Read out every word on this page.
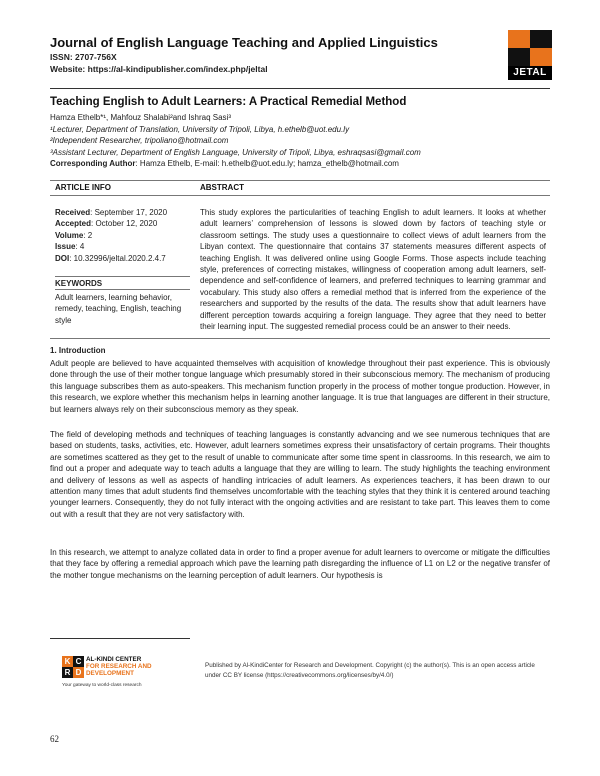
Journal of English Language Teaching and Applied Linguistics
ISSN: 2707-756X
Website: https://al-kindipublisher.com/index.php/jeltal	JETAL
Teaching English to Adult Learners: A Practical Remedial Method
Hamza Ethelb*¹, Mahfouz Shalabi²and Ishraq Sasi³
¹Lecturer, Department of Translation, University of Tripoli, Libya, h.ethelb@uot.edu.ly
²Independent Researcher, tripoliano@hotmail.com
³Assistant Lecturer, Department of English Language, University of Tripoli, Libya, eshraqsasi@gmail.com
Corresponding Author: Hamza Ethelb, E-mail: h.ethelb@uot.edu.ly; hamza_ethelb@hotmail.com
ARTICLE INFO	ABSTRACT
Received: September 17, 2020
Accepted: October 12, 2020
Volume: 2
Issue: 4
DOI: 10.32996/jeltal.2020.2.4.7
KEYWORDS
Adult learners, learning behavior, remedy, teaching, English, teaching style
This study explores the particularities of teaching English to adult learners. It looks at whether adult learners’ comprehension of lessons is slowed down by factors of teaching style or classroom settings. The study uses a questionnaire to collect views of adult learners from the Libyan context. The questionnaire that contains 37 statements measures different aspects of teaching English. It was delivered online using Google Forms. Those aspects include teaching style, preferences of correcting mistakes, willingness of cooperation among adult learners, self-dependence and self-confidence of learners, and preferred techniques to learning grammar and vocabulary. This study also offers a remedial method that is inferred from the experience of the researchers and supported by the results of the data. The results show that adult learners have different perception towards acquiring a foreign language. They agree that they need to better their learning input. The suggested remedial process could be an answer to their needs.
1. Introduction
Adult people are believed to have acquainted themselves with acquisition of knowledge throughout their past experience. This is obviously done through the use of their mother tongue language which presumably stored in their subconscious memory. The mechanism of producing this language subscribes them as auto-speakers. This mechanism function properly in the process of mother tongue production. However, in this research, we explore whether this mechanism helps in learning another language. It is true that languages are different in their structure, but learners always rely on their subconscious memory as they speak.
The field of developing methods and techniques of teaching languages is constantly advancing and we see numerous techniques that are based on students, tasks, activities, etc. However, adult learners sometimes express their unsatisfactory of certain programs. Their thoughts are sometimes scattered as they get to the result of unable to communicate after some time spent in classrooms. In this research, we aim to find out a proper and adequate way to teach adults a language that they are willing to learn. The study highlights the teaching environment and delivery of lessons as well as aspects of handling intricacies of adult learners. As experiences teachers, it has been drawn to our attention many times that adult students find themselves uncomfortable with the teaching styles that they think it is centered around teaching younger learners. Consequently, they do not fully interact with the ongoing activities and are resistant to take part. This leaves them to come out with a result that they are not very satisfactory with.
In this research, we attempt to analyze collated data in order to find a proper avenue for adult learners to overcome or mitigate the difficulties that they face by offering a remedial approach which pave the learning path disregarding the influence of L1 on L2 or the negative transfer of the mother tongue mechanisms on the learning perception of adult learners. Our hypothesis is
K C
R D
AL-KINDI CENTER
FOR RESEARCH AND
DEVELOPMENT
Your gateway to world-class research
Published by Al-KindiCenter for Research and Development. Copyright (c) the author(s). This is an open access article under CC BY license (https://creativecommons.org/licenses/by/4.0/)
62
